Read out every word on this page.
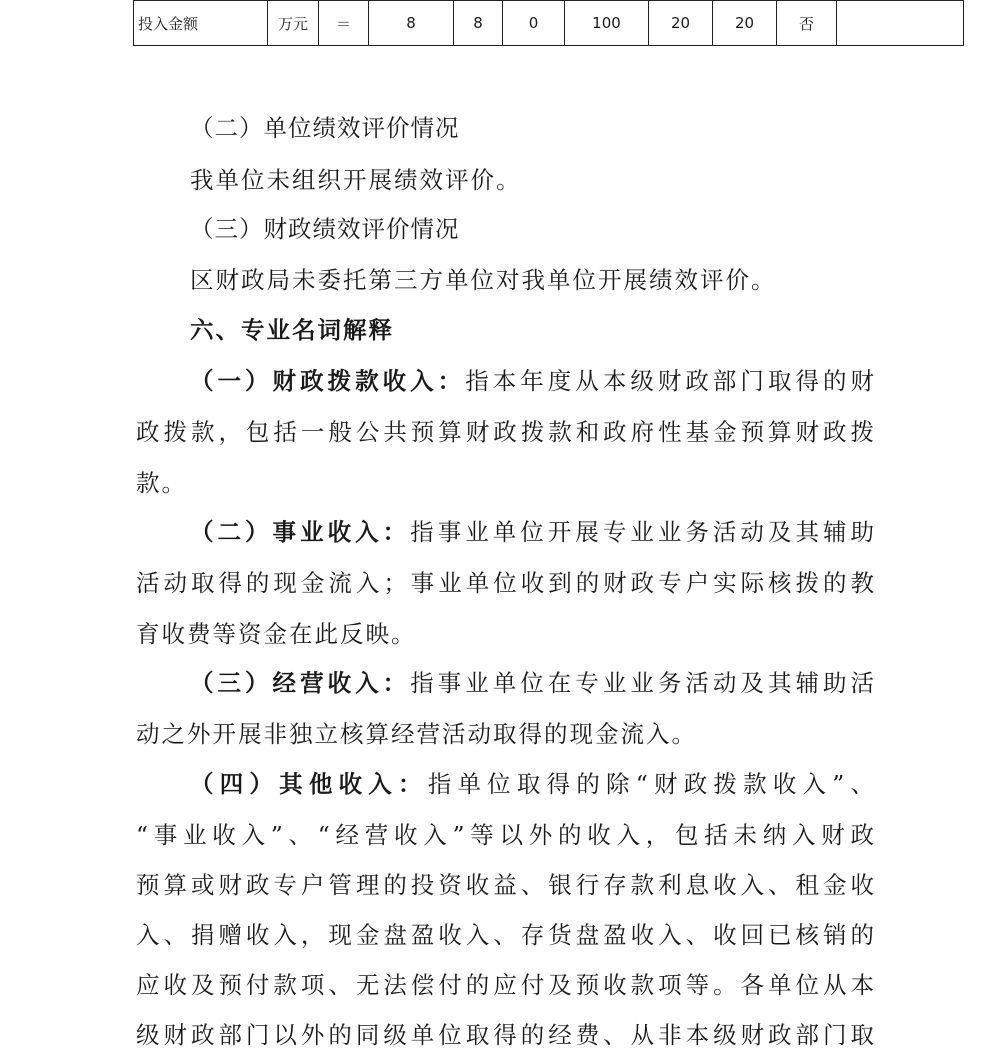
投入金额	万元	＝	8	8	0	100	20	20	否	
（二）单位绩效评价情况
我单位未组织开展绩效评价。
（三）财政绩效评价情况
区财政局未委托第三方单位对我单位开展绩效评价。
六、专业名词解释
（一）财政拨款收入：指本年度从本级财政部门取得的财
政拨款，包括一般公共预算财政拨款和政府性基金预算财政拨
款。
（二）事业收入：指事业单位开展专业业务活动及其辅助
活动取得的现金流入；事业单位收到的财政专户实际核拨的教
育收费等资金在此反映。
（三）经营收入：指事业单位在专业业务活动及其辅助活
动之外开展非独立核算经营活动取得的现金流入。
（四）其他收入：指单位取得的除“财政拨款收入”、
“事业收入”、“经营收入”等以外的收入，包括未纳入财政
预算或财政专户管理的投资收益、银行存款利息收入、租金收
入、捐赠收入，现金盘盈收入、存货盘盈收入、收回已核销的
应收及预付款项、无法偿付的应付及预收款项等。各单位从本
级财政部门以外的同级单位取得的经费、从非本级财政部门取
